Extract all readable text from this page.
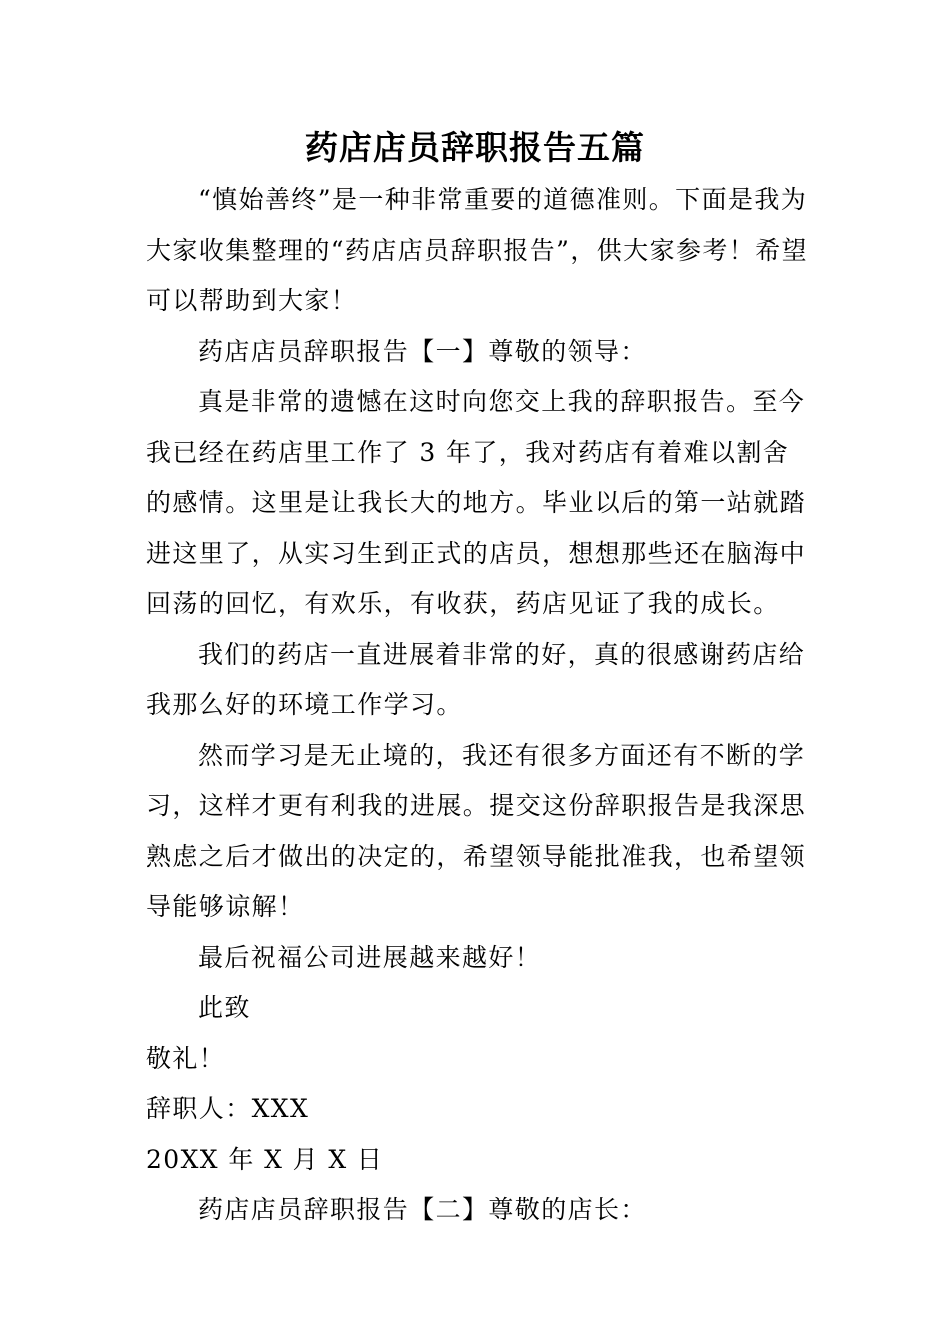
药店店员辞职报告五篇

“慎始善终”是一种非常重要的道德准则。下面是我为大家收集整理的“药店店员辞职报告”，供大家参考！希望可以帮助到大家！

药店店员辞职报告【一】尊敬的领导：

真是非常的遗憾在这时向您交上我的辞职报告。至今我已经在药店里工作了 3 年了，我对药店有着难以割舍的感情。这里是让我长大的地方。毕业以后的第一站就踏进这里了，从实习生到正式的店员，想想那些还在脑海中回荡的回忆，有欢乐，有收获，药店见证了我的成长。

我们的药店一直进展着非常的好，真的很感谢药店给我那么好的环境工作学习。

然而学习是无止境的，我还有很多方面还有不断的学习，这样才更有利我的进展。提交这份辞职报告是我深思熟虑之后才做出的决定的，希望领导能批准我，也希望领导能够谅解！

最后祝福公司进展越来越好！

此致

敬礼！

辞职人：XXX

20XX 年 X 月 X 日

药店店员辞职报告【二】尊敬的店长：
